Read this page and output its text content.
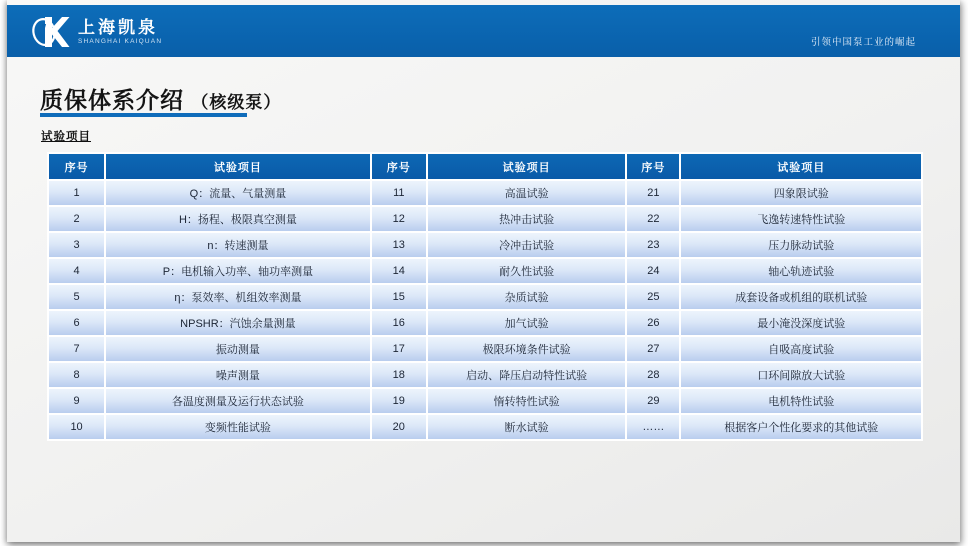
上海凯泉
SHANGHAI KAIQUAN	引领中国泵工业的崛起
质保体系介绍 （核级泵）
试验项目
序号	试验项目	序号	试验项目	序号	试验项目
1	Q：流量、气量测量	11	高温试验	21	四象限试验
2	H：扬程、极限真空测量	12	热冲击试验	22	飞逸转速特性试验
3	n：转速测量	13	冷冲击试验	23	压力脉动试验
4	P：电机输入功率、轴功率测量	14	耐久性试验	24	轴心轨迹试验
5	η：泵效率、机组效率测量	15	杂质试验	25	成套设备或机组的联机试验
6	NPSHR：汽蚀余量测量	16	加气试验	26	最小淹没深度试验
7	振动测量	17	极限环境条件试验	27	自吸高度试验
8	噪声测量	18	启动、降压启动特性试验	28	口环间隙放大试验
9	各温度测量及运行状态试验	19	惰转特性试验	29	电机特性试验
10	变频性能试验	20	断水试验	……	根据客户个性化要求的其他试验
